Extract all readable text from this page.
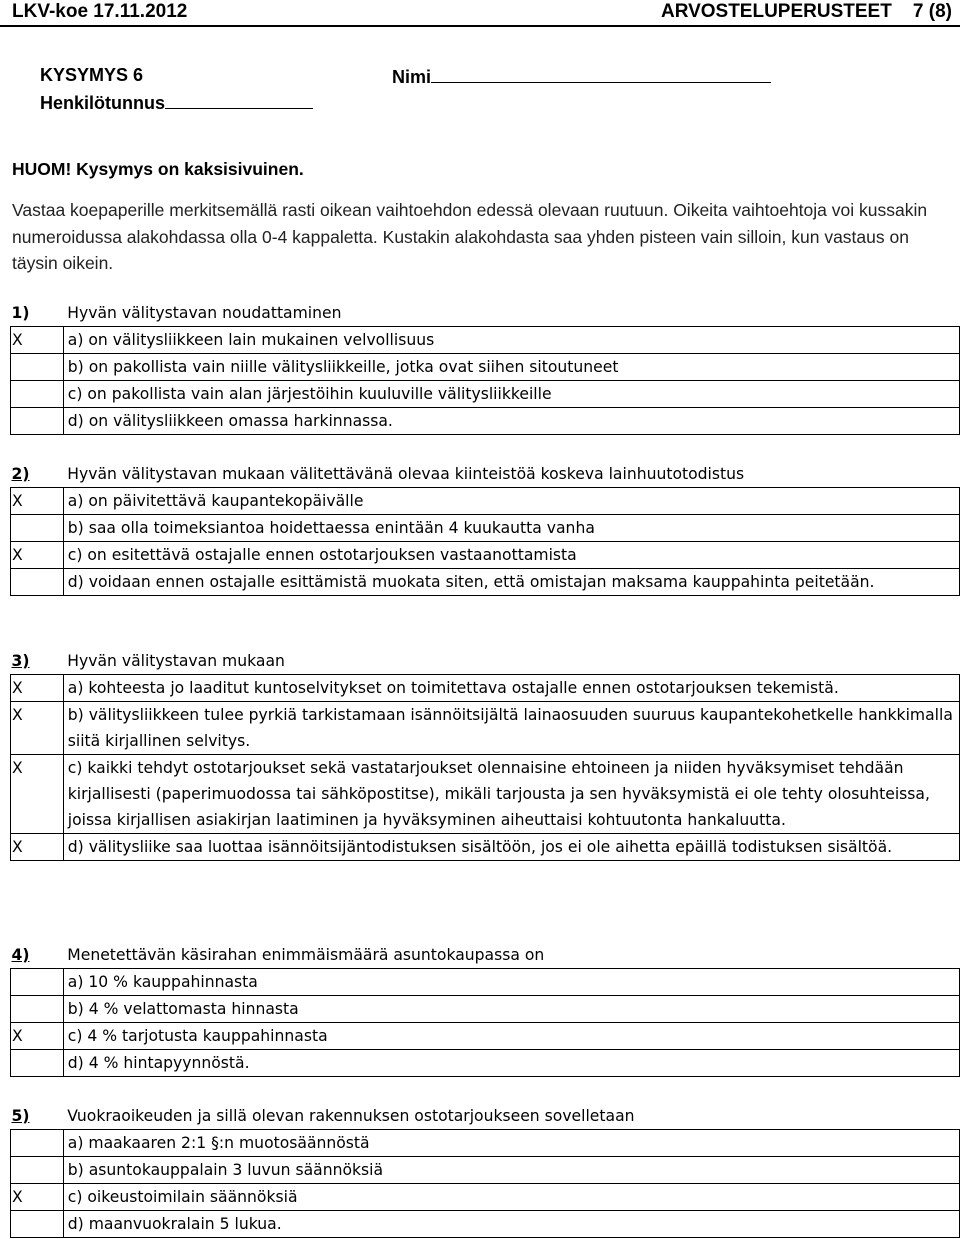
LKV-koe 17.11.2012	ARVOSTELUPERUSTEET    7 (8)
KYSYMYS 6	Nimi
Henkilötunnus
HUOM! Kysymys on kaksisivuinen.
Vastaa koepaperille merkitsemällä rasti oikean vaihtoehdon edessä olevaan ruutuun. Oikeita vaihtoehtoja voi kussakin numeroidussa alakohdassa olla 0-4 kappaletta. Kustakin alakohdasta saa yhden pisteen vain silloin, kun vastaus on täysin oikein.
1)	Hyvän välitystavan noudattaminen
X	a) on välitysliikkeen lain mukainen velvollisuus
	b) on pakollista vain niille välitysliikkeille, jotka ovat siihen sitoutuneet
	c) on pakollista vain alan järjestöihin kuuluville välitysliikkeille
	d) on välitysliikkeen omassa harkinnassa.
2)	Hyvän välitystavan mukaan välitettävänä olevaa kiinteistöä koskeva lainhuutotodistus
X	a) on päivitettävä kaupantekopäivälle
	b) saa olla toimeksiantoa hoidettaessa enintään 4 kuukautta vanha
X	c) on esitettävä ostajalle ennen ostotarjouksen vastaanottamista
	d) voidaan ennen ostajalle esittämistä muokata siten, että omistajan maksama kauppahinta peitetään.
3)	Hyvän välitystavan mukaan
X	a) kohteesta jo laaditut kuntoselvitykset on toimitettava ostajalle ennen ostotarjouksen tekemistä.
X	b) välitysliikkeen tulee pyrkiä tarkistamaan isännöitsijältä lainaosuuden suuruus kaupantekohetkelle hankkimalla siitä kirjallinen selvitys.
X	c) kaikki tehdyt ostotarjoukset sekä vastatarjoukset olennaisine ehtoineen ja niiden hyväksymiset tehdään kirjallisesti (paperimuodossa tai sähköpostitse), mikäli tarjousta ja sen hyväksymistä ei ole tehty olosuhteissa, joissa kirjallisen asiakirjan laatiminen ja hyväksyminen aiheuttaisi kohtuutonta hankaluutta.
X	d) välitysliike saa luottaa isännöitsijäntodistuksen sisältöön, jos ei ole aihetta epäillä todistuksen sisältöä.
4)	Menetettävän käsirahan enimmäismäärä asuntokaupassa on
	a) 10 % kauppahinnasta
	b) 4 % velattomasta hinnasta
X	c) 4 % tarjotusta kauppahinnasta
	d) 4 % hintapyynnöstä.
5)	Vuokraoikeuden ja sillä olevan rakennuksen ostotarjoukseen sovelletaan
	a) maakaaren 2:1 §:n muotosäännöstä
	b) asuntokauppalain 3 luvun säännöksiä
X	c) oikeustoimilain säännöksiä
	d) maanvuokralain 5 lukua.
